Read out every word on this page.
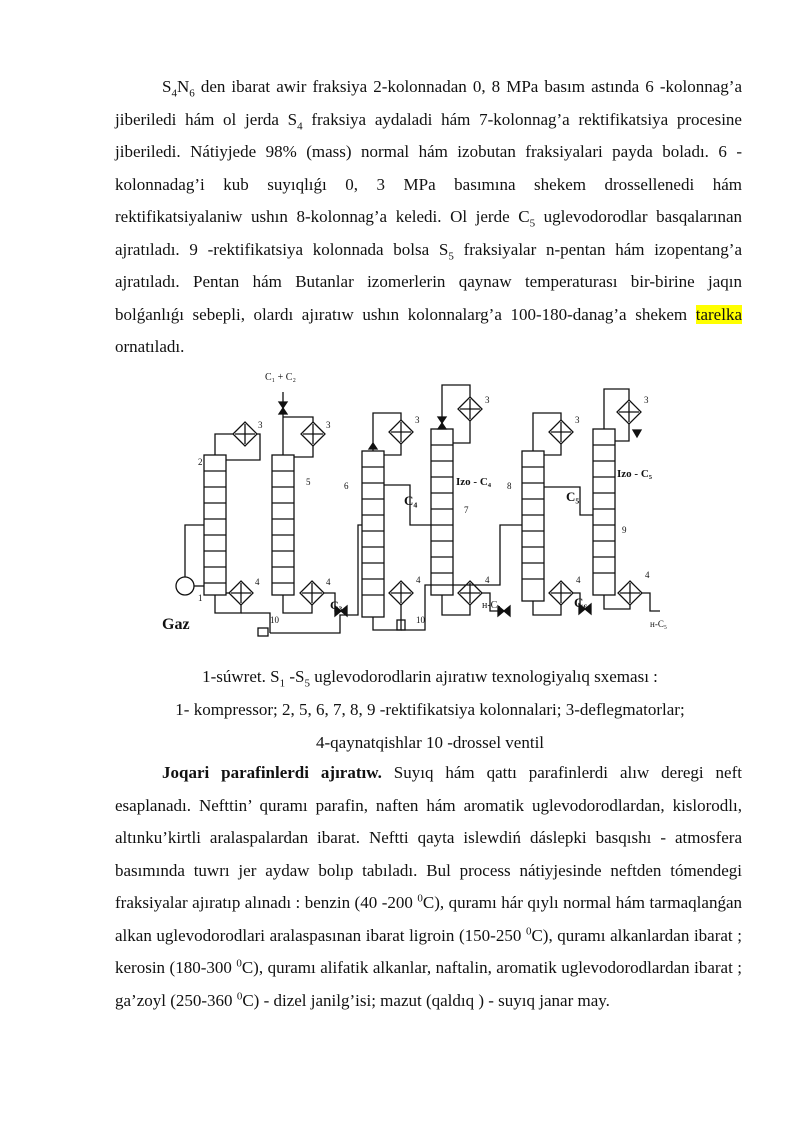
$S_4N_6$ den ibarat awir fraksiya 2-kolonnadan 0, 8 MPa basım astında 6 -kolonnag’a jiberiledi hám ol jerda $S_4$ fraksiya aydaladi hám 7-kolonnag’a rektifikatsiya procesine jiberiledi. Nátiyjede 98% (mass) normal hám izobutan fraksiyalari payda boladı. 6 -kolonnadag’i kub suyıqlıǵı 0, 3 MPa basımına shekem drossellenedi hám rektifikatsiyalaniw ushın 8-kolonnag’a keledi. Ol jerde $C_5$ uglevodorodlar basqalarınan ajratıladı. 9 -rektifikatsiya kolonnada bolsa $S_5$ fraksiyalar n-pentan hám izopentang’a ajratıladı. Pentan hám Butanlar izomerlerin qaynaw temperaturası bir-birine jaqın bolǵanlıǵı sebepli, olardı ajıratıw ushın kolonnalarg’a 100-180-danag’a shekem tarelka ornatıladı.

C₁ + C₂
Gaz
C₃
C₄
Izo - C₄
н-C₄
C₅
Izo - C₅
C₆
н-C₅
2
3	3
5
4	4
1
10
6
3
3
4	4
7
10
8
3
3
4	4
9
1-súwret. $S_1$ $-S_5$ uglevodorodlarin ajıratıw texnologiyalıq sxeması :
1- kompressor; 2, 5, 6, 7, 8, 9 -rektifikatsiya kolonnalari; 3-deflegmatorlar;
4-qaynatqishlar 10 -drossel ventil

Joqari parafinlerdi ajıratıw. Suyıq hám qattı parafinlerdi alıw deregi neft esaplanadı. Nefttin’ quramı parafin, naften hám aromatik uglevodorodlardan, kislorodlı, altınku’kirtli aralaspalardan ibarat. Neftti qayta islewdiń dáslepki basqıshı - atmosfera basımında tuwrı jer aydaw bolıp tabıladı. Bul process nátiyjesinde neftden tómendegi fraksiyalar ajıratıp alınadı : benzin (40 -200 $^0$C), quramı hár qıylı normal hám tarmaqlanǵan alkan uglevodorodlari aralaspasınan ibarat ligroin (150-250 $^0$C), quramı alkanlardan ibarat ; kerosin (180-300 $^0$C), quramı alifatik alkanlar, naftalin, aromatik uglevodorodlardan ibarat ; ga’zoyl (250-360 $^0$C) - dizel janilg’isi; mazut (qaldıq ) - suyıq janar may.
